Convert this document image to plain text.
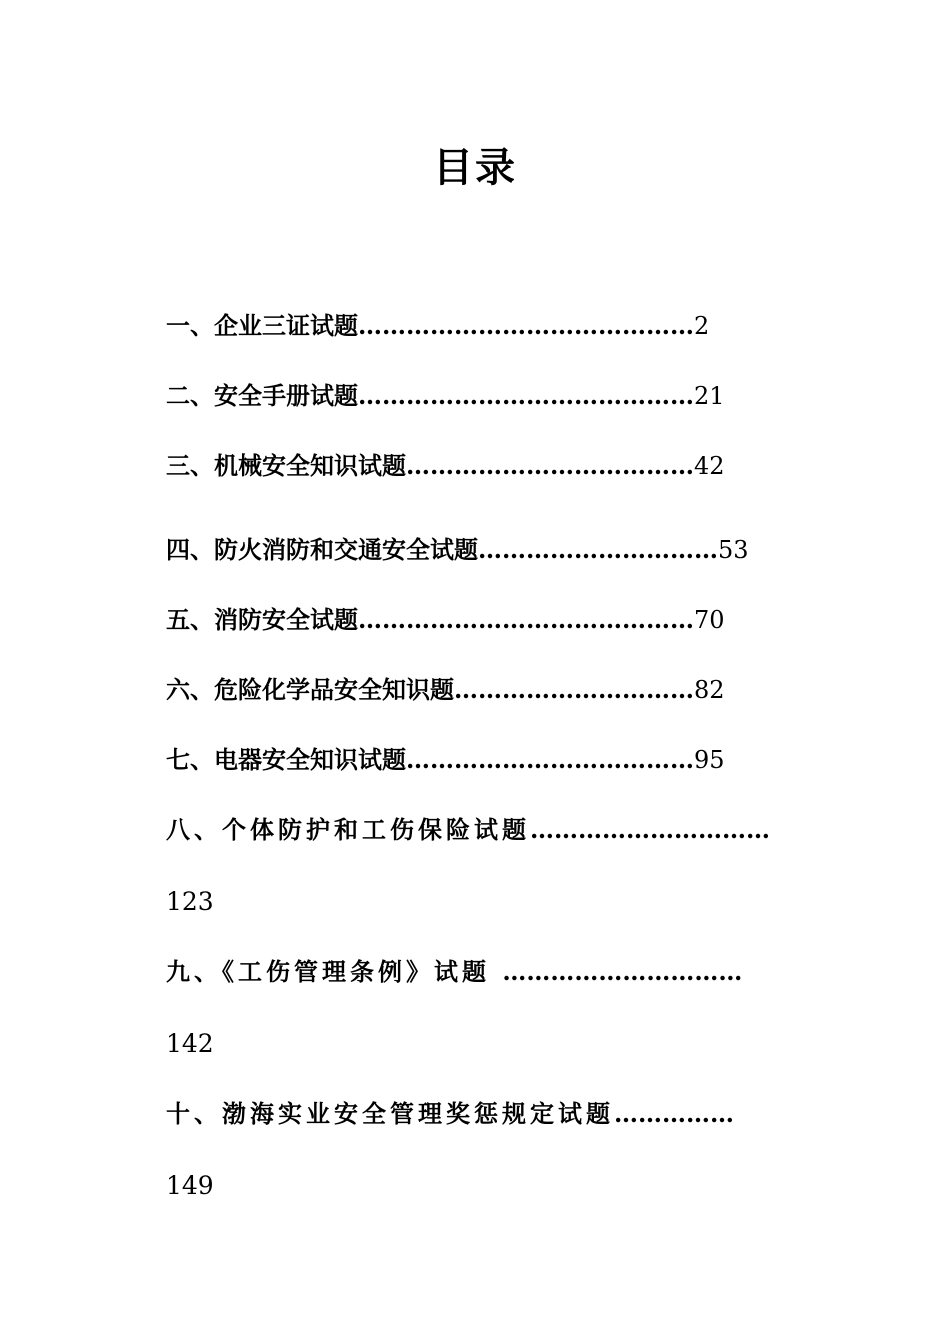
目录
一、企业三证试题……………………………………2
二、安全手册试题……………………………………21
三、机械安全知识试题………………………………42
四、防火消防和交通安全试题…………………………53
五、消防安全试题……………………………………70
六、危险化学品安全知识题…………………………82
七、电器安全知识试题………………………………95
八、个体防护和工伤保险试题…………………………
123
九、《工伤管理条例》试题 …………………………
142
十、渤海实业安全管理奖惩规定试题……………
149
